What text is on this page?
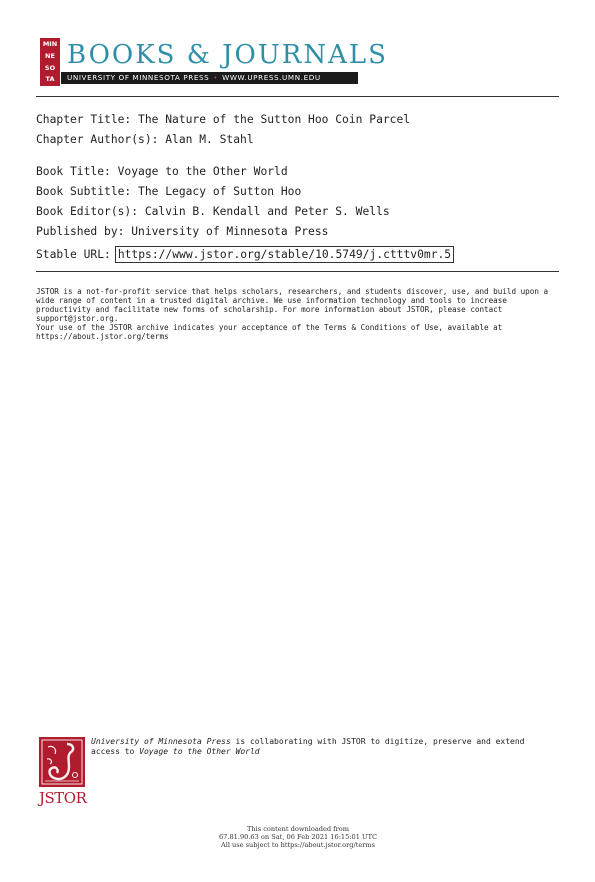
MIN
NE
SO
TA
BOOKS & JOURNALS
UNIVERSITY OF MINNESOTA PRESS • WWW.UPRESS.UMN.EDU
Chapter Title: The Nature of the Sutton Hoo Coin Parcel
Chapter Author(s): Alan M. Stahl
Book Title: Voyage to the Other World
Book Subtitle: The Legacy of Sutton Hoo
Book Editor(s): Calvin B. Kendall and Peter S. Wells
Published by: University of Minnesota Press
Stable URL: https://www.jstor.org/stable/10.5749/j.ctttv0mr.5
JSTOR is a not-for-profit service that helps scholars, researchers, and students discover, use, and build upon a wide range of content in a trusted digital archive. We use information technology and tools to increase productivity and facilitate new forms of scholarship. For more information about JSTOR, please contact support@jstor.org.
Your use of the JSTOR archive indicates your acceptance of the Terms & Conditions of Use, available at https://about.jstor.org/terms
JSTOR
University of Minnesota Press is collaborating with JSTOR to digitize, preserve and extend access to Voyage to the Other World
This content downloaded from
67.81.90.63 on Sat, 06 Feb 2021 16:15:01 UTC
All use subject to https://about.jstor.org/terms
